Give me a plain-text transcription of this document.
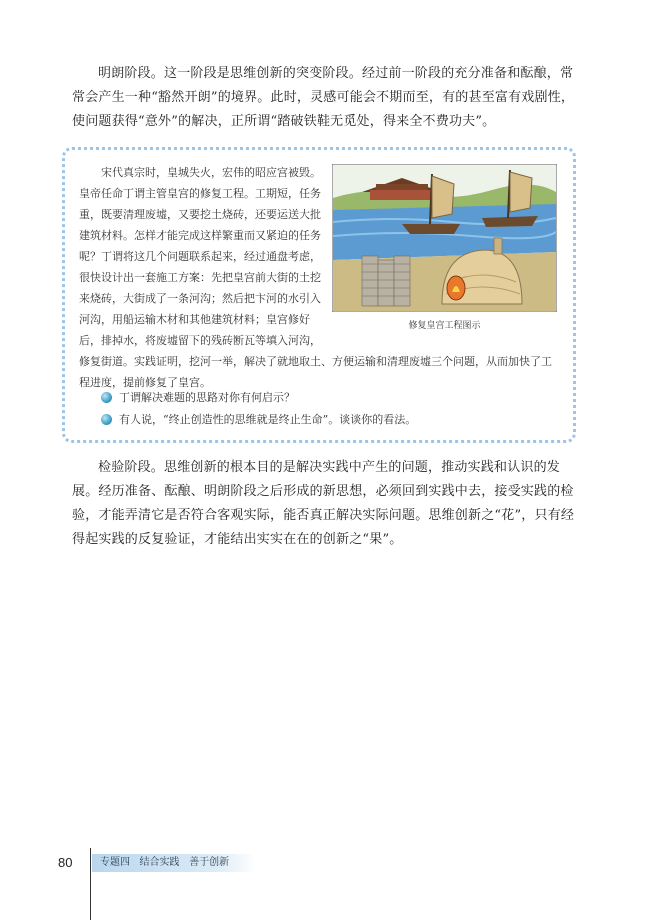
明朗阶段。这一阶段是思维创新的突变阶段。经过前一阶段的充分准备和酝酿，常常会产生一种“豁然开朗”的境界。此时，灵感可能会不期而至，有的甚至富有戏剧性，使问题获得“意外”的解决，正所谓“踏破铁鞋无觅处，得来全不费功夫”。

修复皇宫工程图示
宋代真宗时，皇城失火，宏伟的昭应宫被毁。皇帝任命丁谓主管皇宫的修复工程。工期短，任务重，既要清理废墟，又要挖土烧砖，还要运送大批建筑材料。怎样才能完成这样繁重而又紧迫的任务呢？丁谓将这几个问题联系起来，经过通盘考虑，很快设计出一套施工方案：先把皇宫前大街的土挖来烧砖，大街成了一条河沟；然后把卞河的水引入河沟，用船运输木材和其他建筑材料；皇宫修好后，排掉水，将废墟留下的残砖断瓦等填入河沟，修复街道。实践证明，挖河一举，解决了就地取土、方便运输和清理废墟三个问题，从而加快了工程进度，提前修复了皇宫。
丁谓解决难题的思路对你有何启示？
有人说，“终止创造性的思维就是终止生命”。谈谈你的看法。

检验阶段。思维创新的根本目的是解决实践中产生的问题，推动实践和认识的发展。经历准备、酝酿、明朗阶段之后形成的新思想，必须回到实践中去，接受实践的检验，才能弄清它是否符合客观实际，能否真正解决实际问题。思维创新之“花”，只有经得起实践的反复验证，才能结出实实在在的创新之“果”。

80	专题四   结合实践   善于创新
